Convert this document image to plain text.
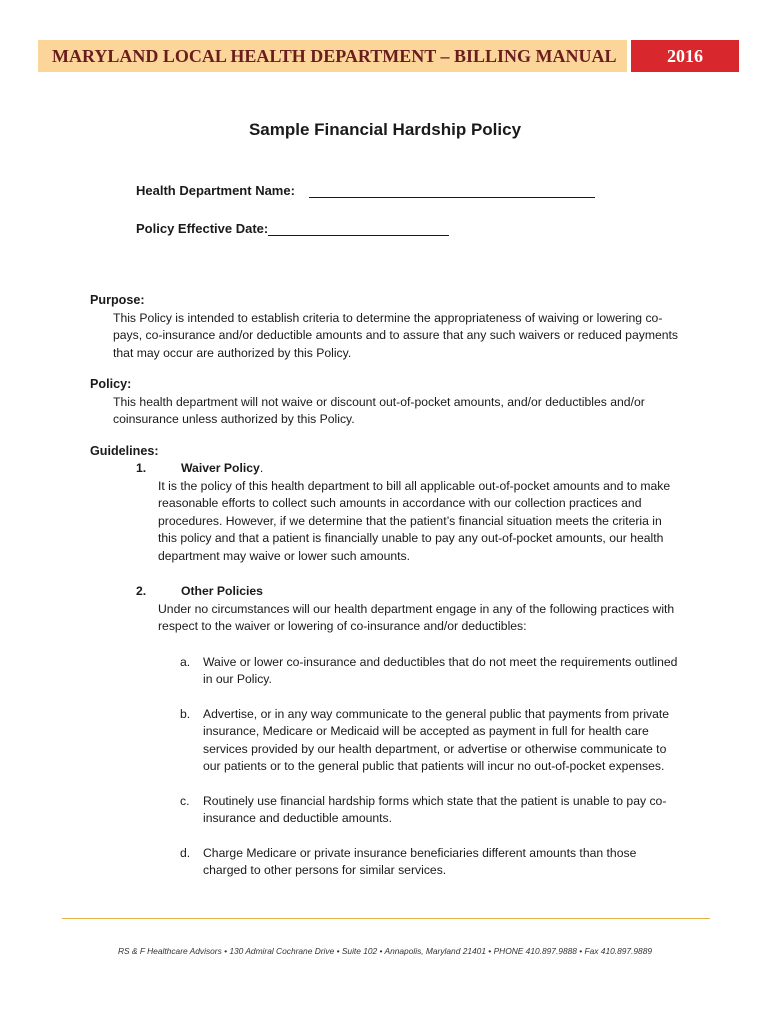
MARYLAND LOCAL HEALTH DEPARTMENT – BILLING MANUAL	2016
Sample Financial Hardship Policy
Health Department Name:
Policy Effective Date:
Purpose:
This Policy is intended to establish criteria to determine the appropriateness of waiving or lowering co-pays, co-insurance and/or deductible amounts and to assure that any such waivers or reduced payments that may occur are authorized by this Policy.
Policy:
This health department will not waive or discount out-of-pocket amounts, and/or deductibles and/or coinsurance unless authorized by this Policy.
Guidelines:
1.	Waiver Policy.
It is the policy of this health department to bill all applicable out-of-pocket amounts and to make reasonable efforts to collect such amounts in accordance with our collection practices and procedures. However, if we determine that the patient’s financial situation meets the criteria in this policy and that a patient is financially unable to pay any out-of-pocket amounts, our health department may waive or lower such amounts.
2.	Other Policies
Under no circumstances will our health department engage in any of the following practices with respect to the waiver or lowering of co-insurance and/or deductibles:
a.	Waive or lower co-insurance and deductibles that do not meet the requirements outlined in our Policy.
b.	Advertise, or in any way communicate to the general public that payments from private insurance, Medicare or Medicaid will be accepted as payment in full for health care services provided by our health department, or advertise or otherwise communicate to our patients or to the general public that patients will incur no out-of-pocket expenses.
c.	Routinely use financial hardship forms which state that the patient is unable to pay co-insurance and deductible amounts.
d.	Charge Medicare or private insurance beneficiaries different amounts than those charged to other persons for similar services.
RS & F Healthcare Advisors • 130 Admiral Cochrane Drive • Suite 102 • Annapolis, Maryland 21401 • PHONE 410.897.9888 • Fax 410.897.9889
